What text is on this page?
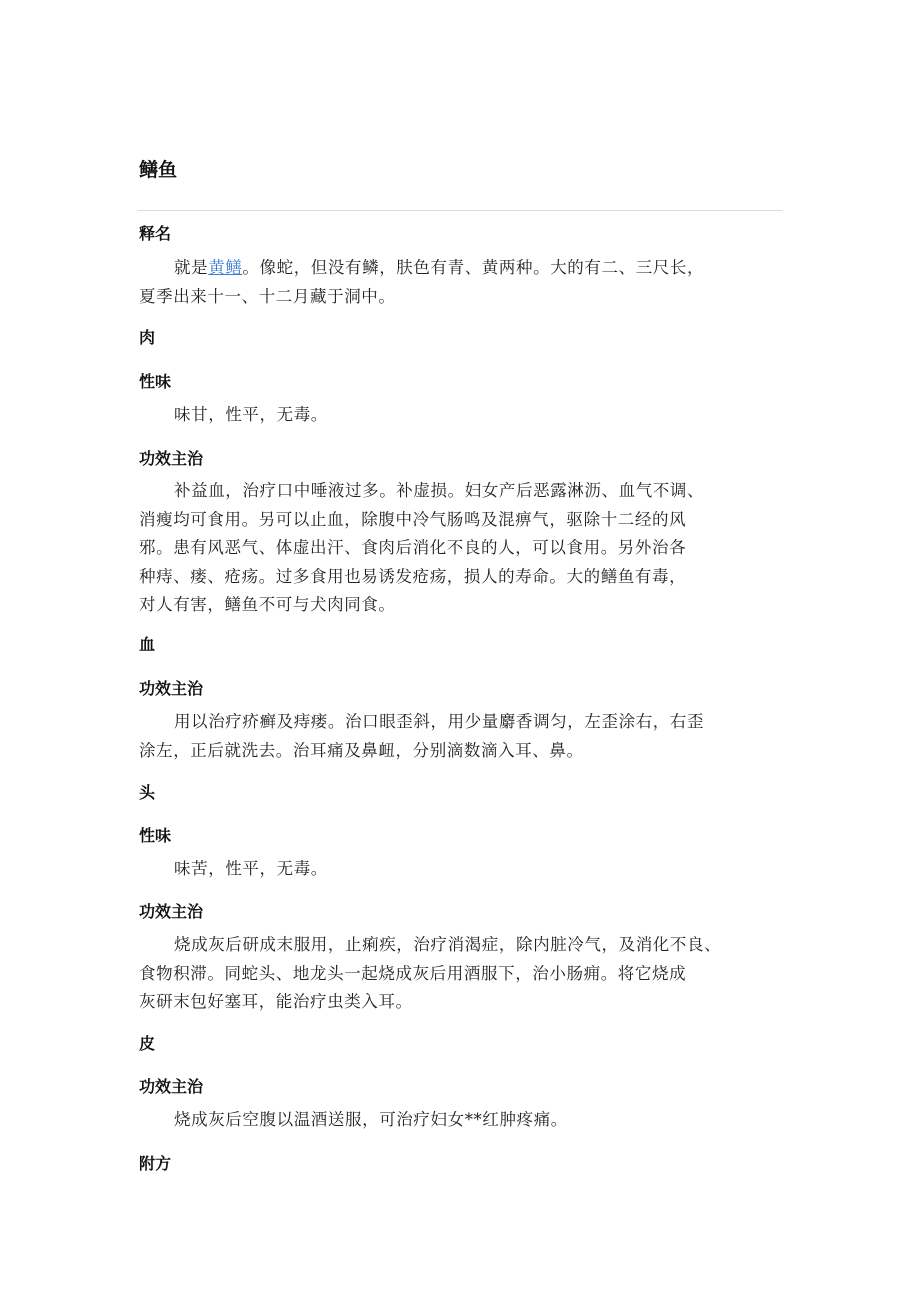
鳝鱼
释名

就是黄鳝。像蛇，但没有鳞，肤色有青、黄两种。大的有二、三尺长，
夏季出来十一、十二月藏于洞中。

肉
性味

味甘，性平，无毒。

功效主治

补益血，治疗口中唾液过多。补虚损。妇女产后恶露淋沥、血气不调、
消瘦均可食用。另可以止血，除腹中冷气肠鸣及混痹气，驱除十二经的风
邪。患有风恶气、体虚出汗、食肉后消化不良的人，可以食用。另外治各
种痔、瘘、疮疡。过多食用也易诱发疮疡，损人的寿命。大的鳝鱼有毒，
对人有害，鳝鱼不可与犬肉同食。

血
功效主治

用以治疗疥癣及痔瘘。治口眼歪斜，用少量麝香调匀，左歪涂右，右歪
涂左，正后就洗去。治耳痛及鼻衄，分别滴数滴入耳、鼻。

头
性味

味苦，性平，无毒。

功效主治

烧成灰后研成末服用，止痢疾，治疗消渴症，除内脏冷气，及消化不良、
食物积滞。同蛇头、地龙头一起烧成灰后用酒服下，治小肠痈。将它烧成
灰研末包好塞耳，能治疗虫类入耳。

皮
功效主治

烧成灰后空腹以温酒送服，可治疗妇女**红肿疼痛。

附方
